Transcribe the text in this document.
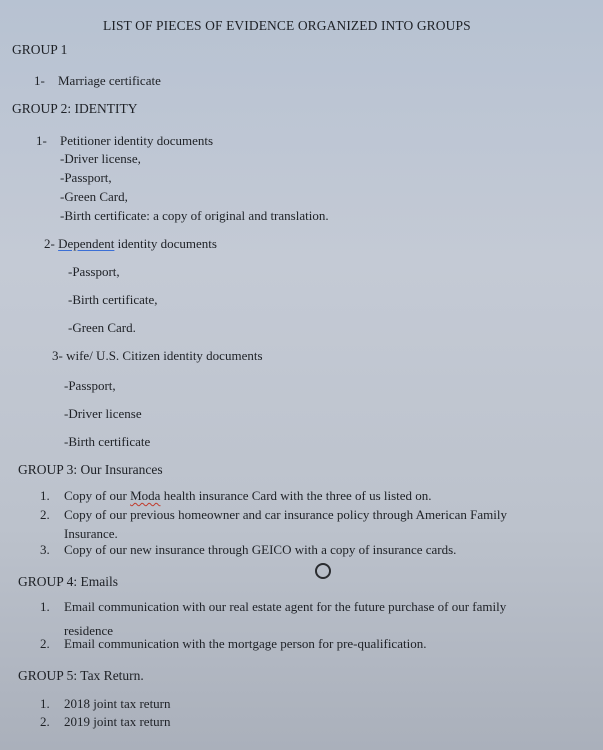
LIST OF PIECES OF EVIDENCE ORGANIZED INTO GROUPS
GROUP 1
1- Marriage certificate
GROUP 2: IDENTITY
1- Petitioner identity documents
-Driver license,
-Passport,
-Green Card,
-Birth certificate: a copy of original and translation.
2- Dependent identity documents
-Passport,
-Birth certificate,
-Green Card.
3- wife/ U.S. Citizen identity documents
-Passport,
-Driver license
-Birth certificate
GROUP 3: Our Insurances
1. Copy of our Moda health insurance Card with the three of us listed on.
2. Copy of our previous homeowner and car insurance policy through American Family
Insurance.
3. Copy of our new insurance through GEICO with a copy of insurance cards.
GROUP 4: Emails
1. Email communication with our real estate agent for the future purchase of our family
residence
2. Email communication with the mortgage person for pre-qualification.
GROUP 5: Tax Return.
1. 2018 joint tax return
2. 2019 joint tax return
